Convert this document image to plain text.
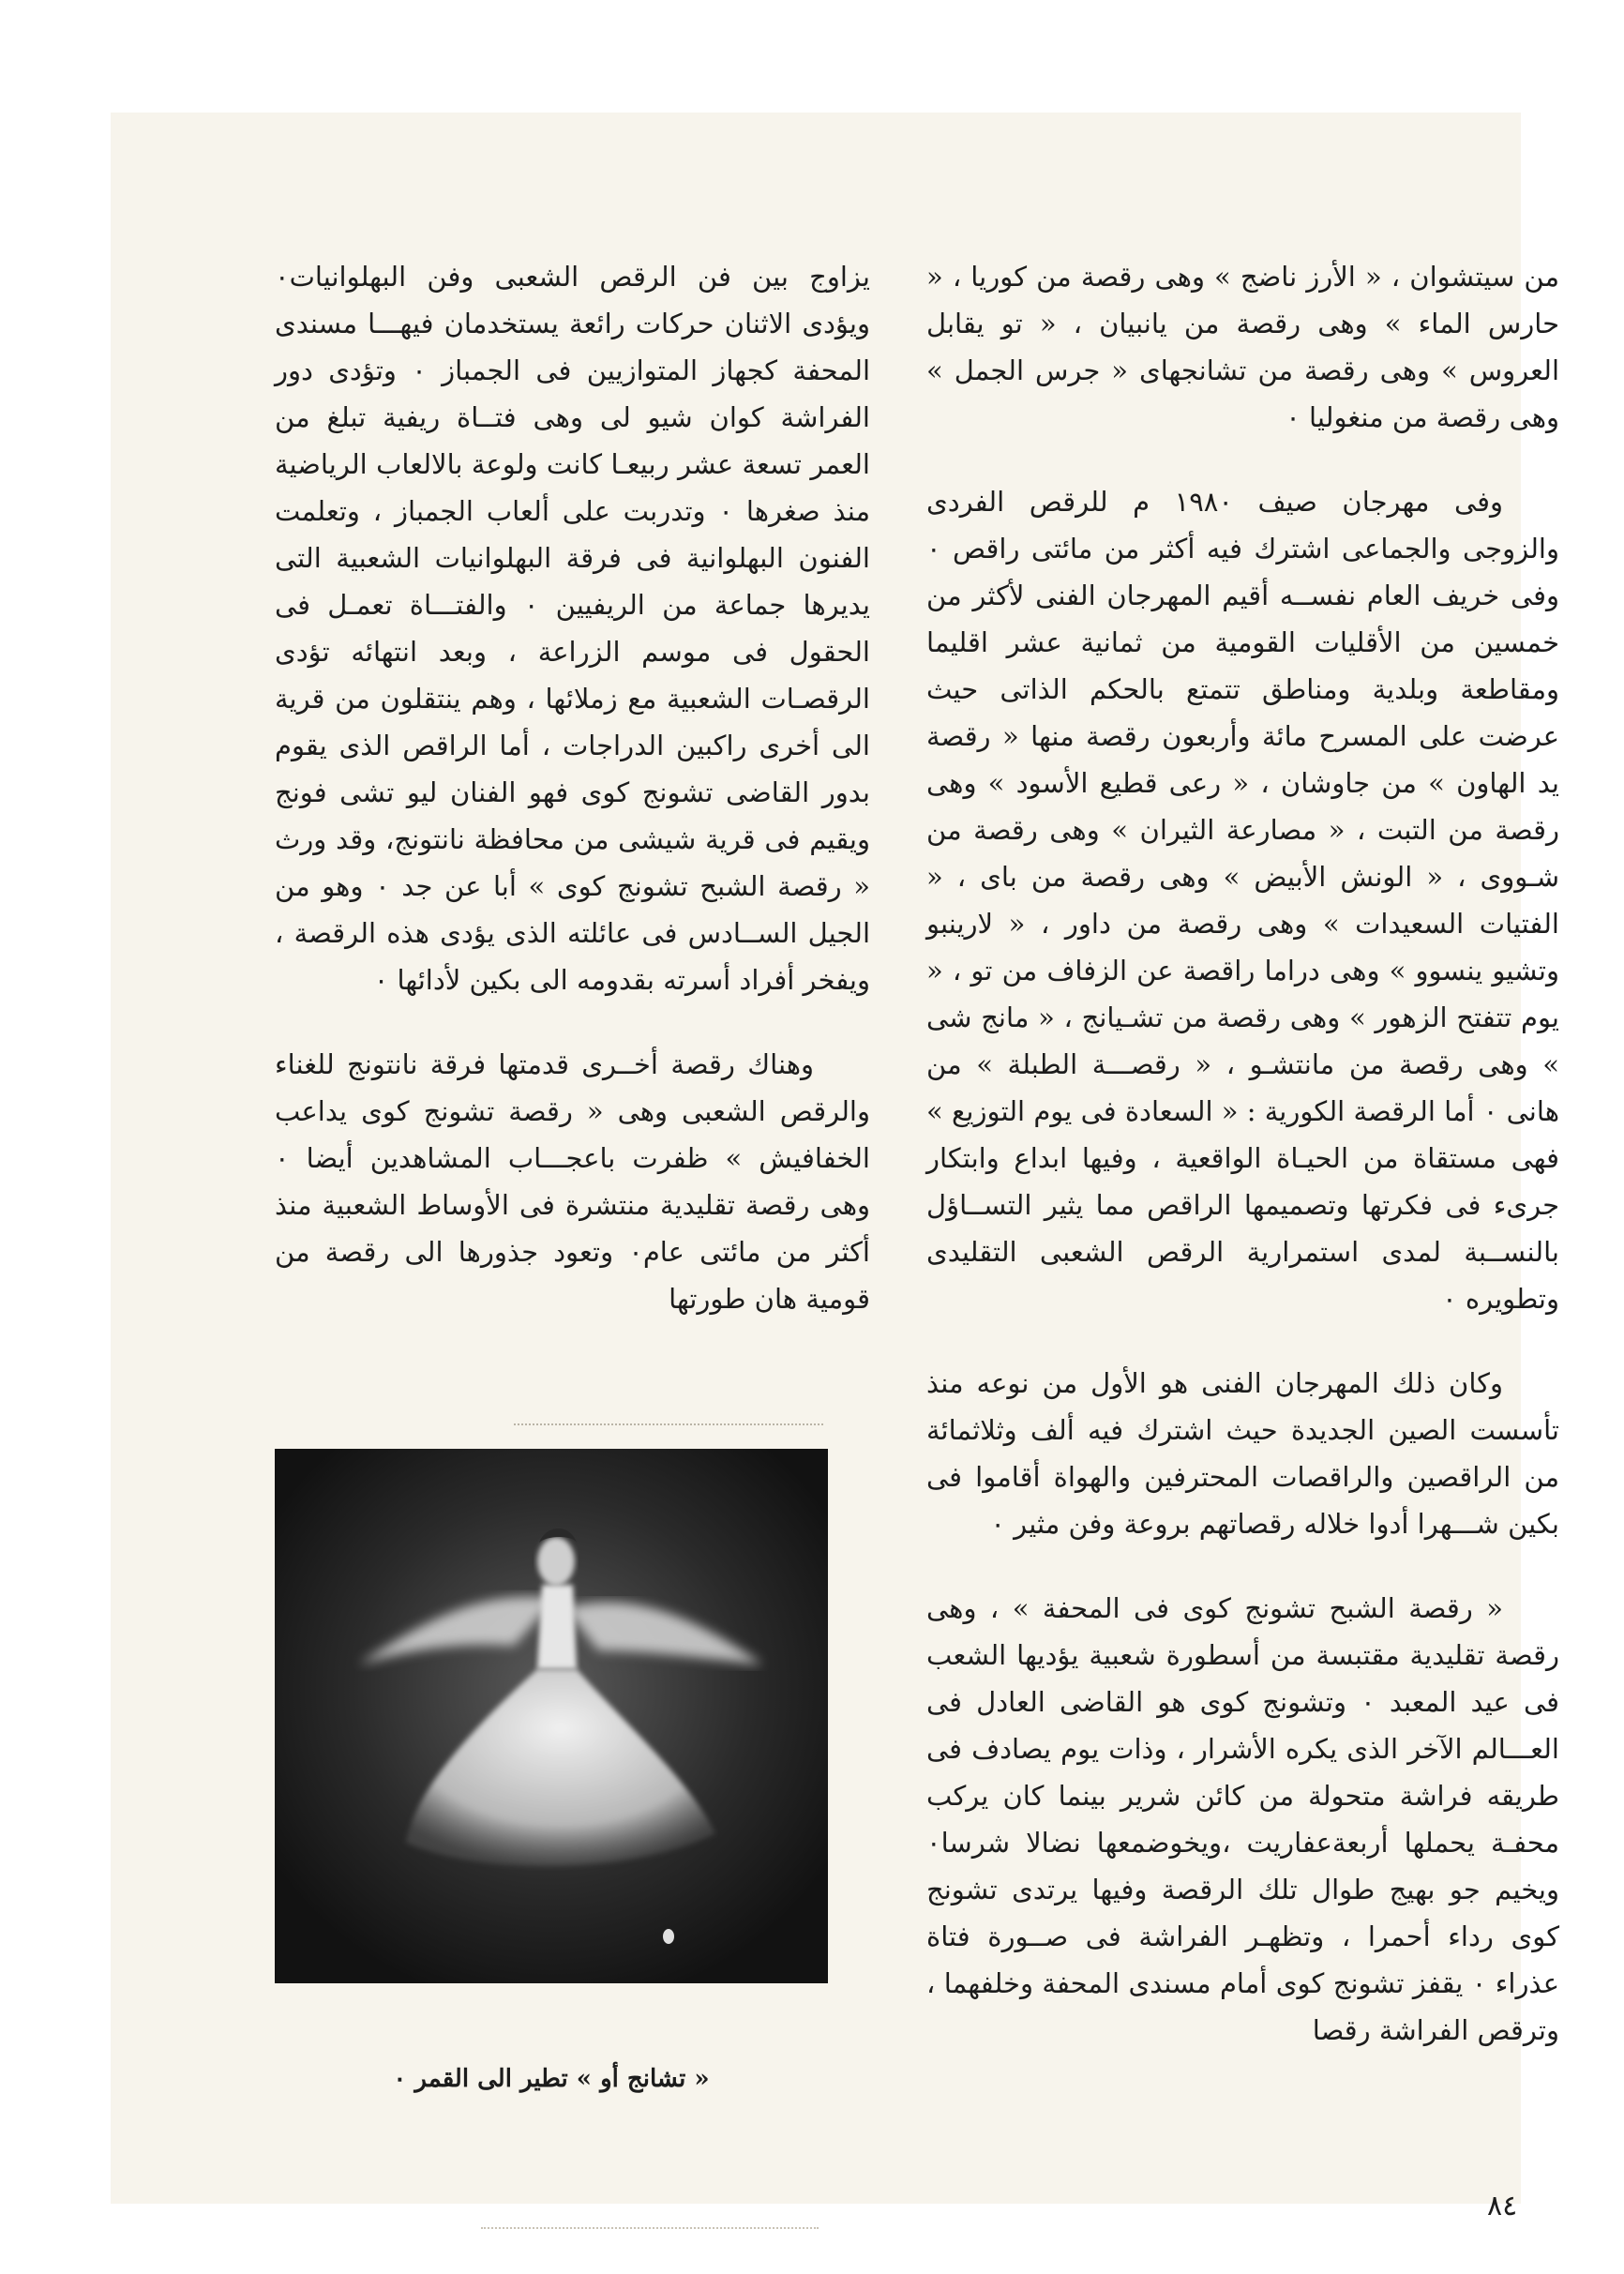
من سيتشوان ، « الأرز ناضج » وهى رقصة من كوريا ، « حارس الماء » وهى رقصة من يانبيان ، « تو يقابل العروس » وهى رقصة من تشانجهاى « جرس الجمل » وهى رقصة من منغوليا ٠

وفى مهرجان صيف ١٩٨٠ م للرقص الفردى والزوجى والجماعى اشترك فيه أكثر من مائتى راقص ٠ وفى خريف العام نفســه أقيم المهرجان الفنى لأكثر من خمسين من الأقليات القومية من ثمانية عشر اقليما ومقاطعة وبلدية ومناطق تتمتع بالحكم الذاتى حيث عرضت على المسرح مائة وأربعون رقصة منها « رقصة يد الهاون » من جاوشان ، « رعى قطيع الأسود » وهى رقصة من التبت ، « مصارعة الثيران » وهى رقصة من شـووى ، « الونش الأبيض » وهى رقصة من باى ، « الفتيات السعيدات » وهى رقصة من داور ، « لارينبو وتشيو ينسوو » وهى دراما راقصة عن الزفاف من تو ، « يوم تتفتح الزهور » وهى رقصة من تشـيانج ، « مانج شى » وهى رقصة من مانتشـو ، « رقصـــة الطبلة » من هانى ٠ أما الرقصة الكورية : « السعادة فى يوم التوزيع » فهى مستقاة من الحيـاة الواقعية ، وفيها ابداع وابتكار جرىء فى فكرتها وتصميمها الراقص مما يثير التســاؤل بالنســبة لمدى استمرارية الرقص الشعبى التقليدى وتطويره ٠

وكان ذلك المهرجان الفنى هو الأول من نوعه منذ تأسست الصين الجديدة حيث اشترك فيه ألف وثلاثمائة من الراقصين والراقصات المحترفين والهواة أقاموا فى بكين شـــهرا أدوا خلاله رقصاتهم بروعة وفن مثير ٠

« رقصة الشبح تشونج كوى فى المحفة » ، وهى رقصة تقليدية مقتبسة من أسطورة شعبية يؤديها الشعب فى عيد المعبد ٠ وتشونج كوى هو القاضى العادل فى العـــالم الآخر الذى يكره الأشرار ، وذات يوم يصادف فى طريقه فراشة متحولة من كائن شرير بينما كان يركب محفـة يحملها أربعةعفاريت ،ويخوضمعها نضالا شرسا٠ ويخيم جو بهيج طوال تلك الرقصة وفيها يرتدى تشونج كوى رداء أحمرا ، وتظهـر الفراشة فى صــورة فتاة عذراء ٠ يقفز تشونج كوى أمام مسندى المحفة وخلفهما ، وترقص الفراشة رقصا

يزاوج بين فن الرقص الشعبى وفن البهلوانيات٠ ويؤدى الاثنان حركات رائعة يستخدمان فيهـــا مسندى المحفة كجهاز المتوازيين فى الجمباز ٠ وتؤدى دور الفراشة كوان شيو لى وهى فتــاة ريفية تبلغ من العمر تسعة عشر ربيعـا كانت ولوعة بالالعاب الرياضية منذ صغرها ٠ وتدربت على ألعاب الجمباز ، وتعلمت الفنون البهلوانية فى فرقة البهلوانيات الشعبية التى يديرها جماعة من الريفيين ٠ والفتـــاة تعمـل فى الحقول فى موسم الزراعة ، وبعد انتهائه تؤدى الرقصـات الشعبية مع زملائها ، وهم ينتقلون من قرية الى أخرى راكبين الدراجات ، أما الراقص الذى يقوم بدور القاضى تشونج كوى فهو الفنان ليو تشى فونج ويقيم فى قرية شيشى من محافظة نانتونج، وقد ورث « رقصة الشبح تشونج كوى » أبا عن جد ٠ وهو من الجيل الســادس فى عائلته الذى يؤدى هذه الرقصة ، ويفخر أفراد أسرته بقدومه الى بكين لأدائها ٠

وهناك رقصة أخــرى قدمتها فرقة نانتونج للغناء والرقص الشعبى وهى « رقصة تشونج كوى يداعب الخفافيش » ظفرت باعجـــاب المشاهدين أيضا ٠ وهى رقصة تقليدية منتشرة فى الأوساط الشعبية منذ أكثر من مائتى عام٠ وتعود جذورها الى رقصة من قومية هان طورتها

« تشانج أو » تطير الى القمر ٠
٨٤
